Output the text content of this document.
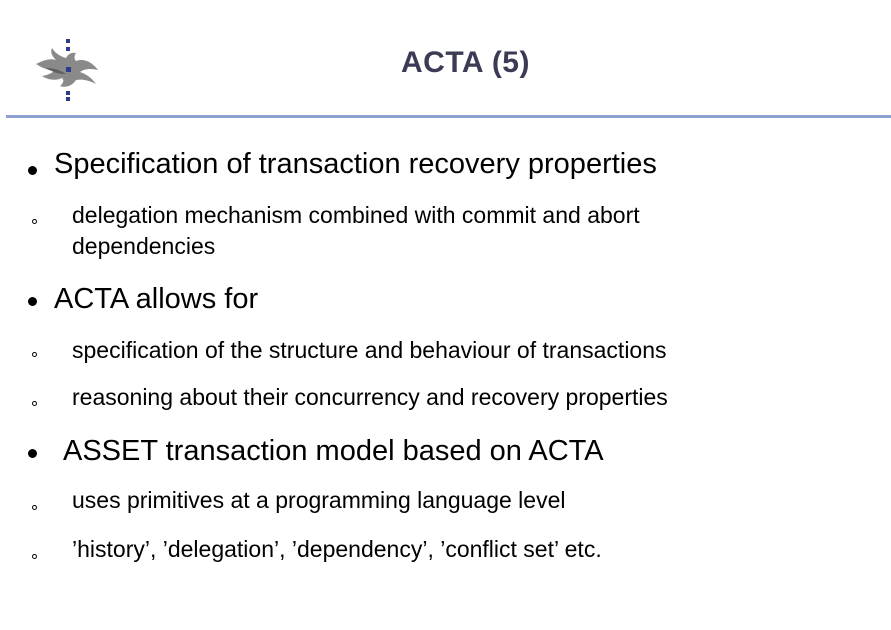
ACTA (5)
Specification of transaction recovery properties
delegation mechanism combined with commit and abort
dependencies
ACTA allows for
specification of the structure and behaviour of transactions
reasoning about their concurrency and recovery properties
ASSET transaction model based on ACTA
uses primitives at a programming language level
’history’, ’delegation’, ’dependency’, ’conflict set’ etc.
